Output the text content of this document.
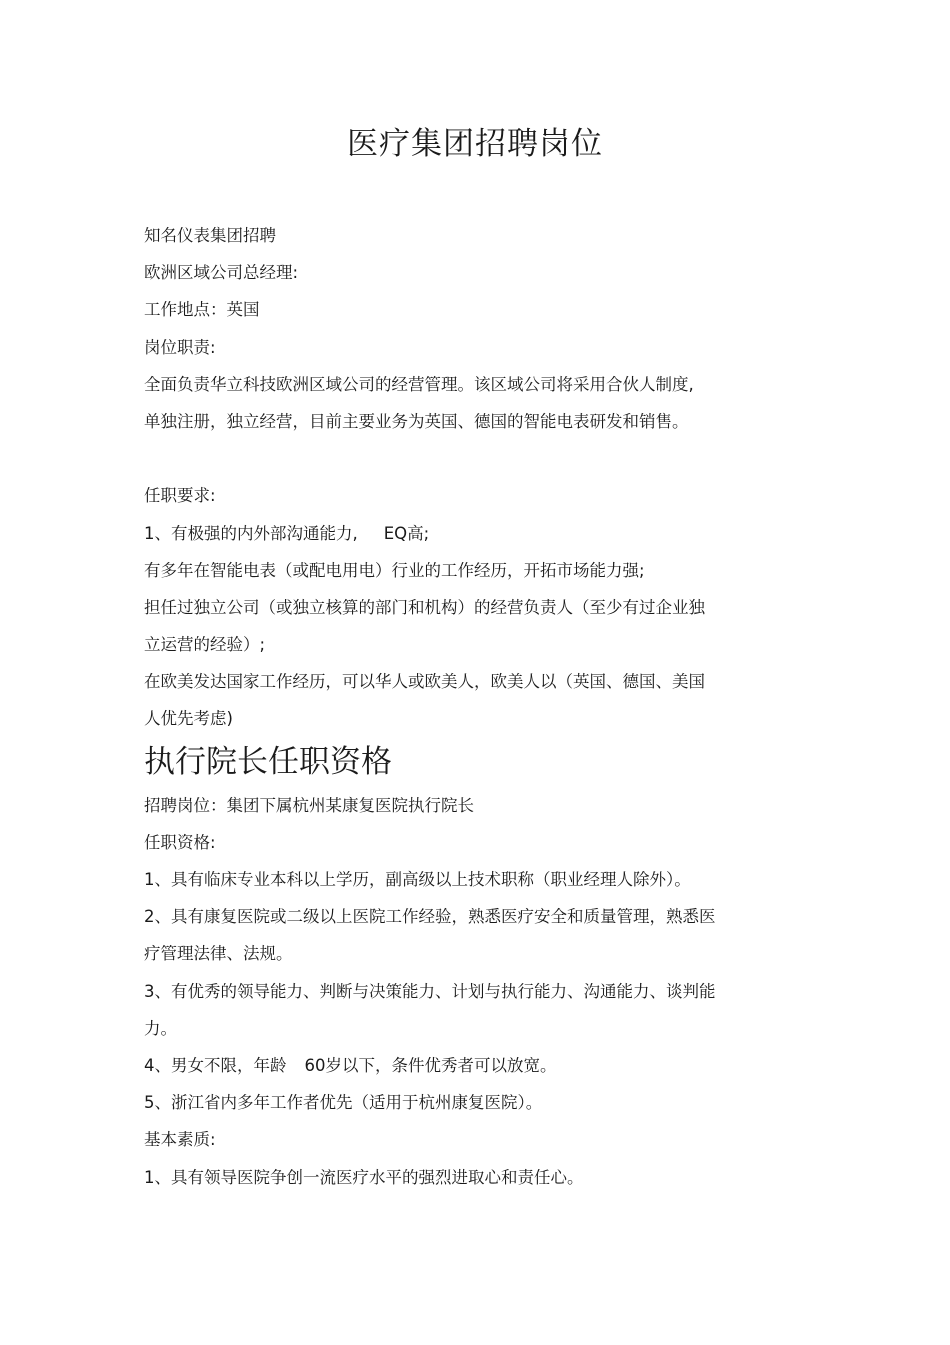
医疗集团招聘岗位

知名仪表集团招聘

欧洲区域公司总经理:

工作地点：英国

岗位职责:

全面负责华立科技欧洲区域公司的经营管理。该区域公司将采用合伙人制度,

单独注册，独立经营，目前主要业务为英国、德国的智能电表研发和销售。

任职要求:

1、有极强的内外部沟通能力, EQ高;

有多年在智能电表（或配电用电）行业的工作经历，开拓市场能力强;

担任过独立公司（或独立核算的部门和机构）的经营负责人（至少有过企业独

立运营的经验）;

在欧美发达国家工作经历，可以华人或欧美人，欧美人以（英国、德国、美国

人优先考虑)

执行院长任职资格

招聘岗位：集团下属杭州某康复医院执行院长

任职资格:

1、具有临床专业本科以上学历，副高级以上技术职称（职业经理人除外）。

2、具有康复医院或二级以上医院工作经验，熟悉医疗安全和质量管理，熟悉医

疗管理法律、法规。

3、有优秀的领导能力、判断与决策能力、计划与执行能力、沟通能力、谈判能

力。

4、男女不限，年龄 60岁以下，条件优秀者可以放宽。

5、浙江省内多年工作者优先（适用于杭州康复医院）。

基本素质:

1、具有领导医院争创一流医疗水平的强烈进取心和责任心。
